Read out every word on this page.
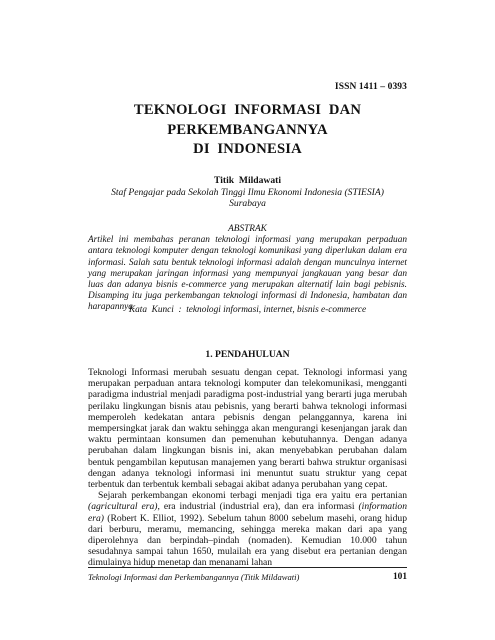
ISSN 1411 – 0393
TEKNOLOGI  INFORMASI  DAN
PERKEMBANGANNYA
DI  INDONESIA
Titik  Mildawati
Staf Pengajar pada Sekolah Tinggi Ilmu Ekonomi Indonesia (STIESIA)
Surabaya
ABSTRAK

Artikel ini membahas peranan teknologi informasi yang merupakan perpaduan antara teknologi komputer dengan teknologi komunikasi yang diperlukan dalam era informasi. Salah satu bentuk teknologi informasi adalah dengan munculnya internet yang merupakan jaringan informasi yang mempunyai jangkauan yang besar dan luas dan adanya bisnis e-commerce yang merupakan alternatif lain bagi pebisnis. Disamping itu juga perkembangan teknologi informasi di Indonesia, hambatan dan harapannya.

Kata  Kunci  :  teknologi informasi, internet, bisnis e-commerce
1. PENDAHULUAN

Teknologi Informasi merubah sesuatu dengan cepat. Teknologi informasi yang merupakan perpaduan antara teknologi komputer dan telekomunikasi, mengganti paradigma industrial menjadi paradigma post-industrial yang berarti juga merubah perilaku lingkungan bisnis atau pebisnis, yang berarti bahwa teknologi informasi memperoleh kedekatan antara pebisnis dengan pelanggannya, karena ini mempersingkat jarak dan waktu sehingga akan mengurangi kesenjangan jarak dan waktu permintaan konsumen dan pemenuhan kebutuhannya. Dengan adanya perubahan dalam lingkungan bisnis ini, akan menyebabkan perubahan dalam bentuk pengambilan keputusan manajemen yang berarti bahwa struktur organisasi dengan adanya teknologi informasi ini menuntut suatu struktur yang cepat terbentuk dan terbentuk kembali sebagai akibat adanya perubahan yang cepat.

Sejarah perkembangan ekonomi terbagi menjadi tiga era yaitu era pertanian (agricultural era), era industrial (industrial era), dan era informasi (information era) (Robert K. Elliot, 1992). Sebelum tahun 8000 sebelum masehi, orang hidup dari berburu, meramu, memancing, sehingga mereka makan dari apa yang diperolehnya dan berpindah–pindah (nomaden). Kemudian 10.000 tahun sesudahnya sampai tahun 1650, mulailah era yang disebut era pertanian dengan dimulainya hidup menetap dan menanami lahan

Teknologi Informasi dan Perkembangannya (Titik Mildawati)	101
